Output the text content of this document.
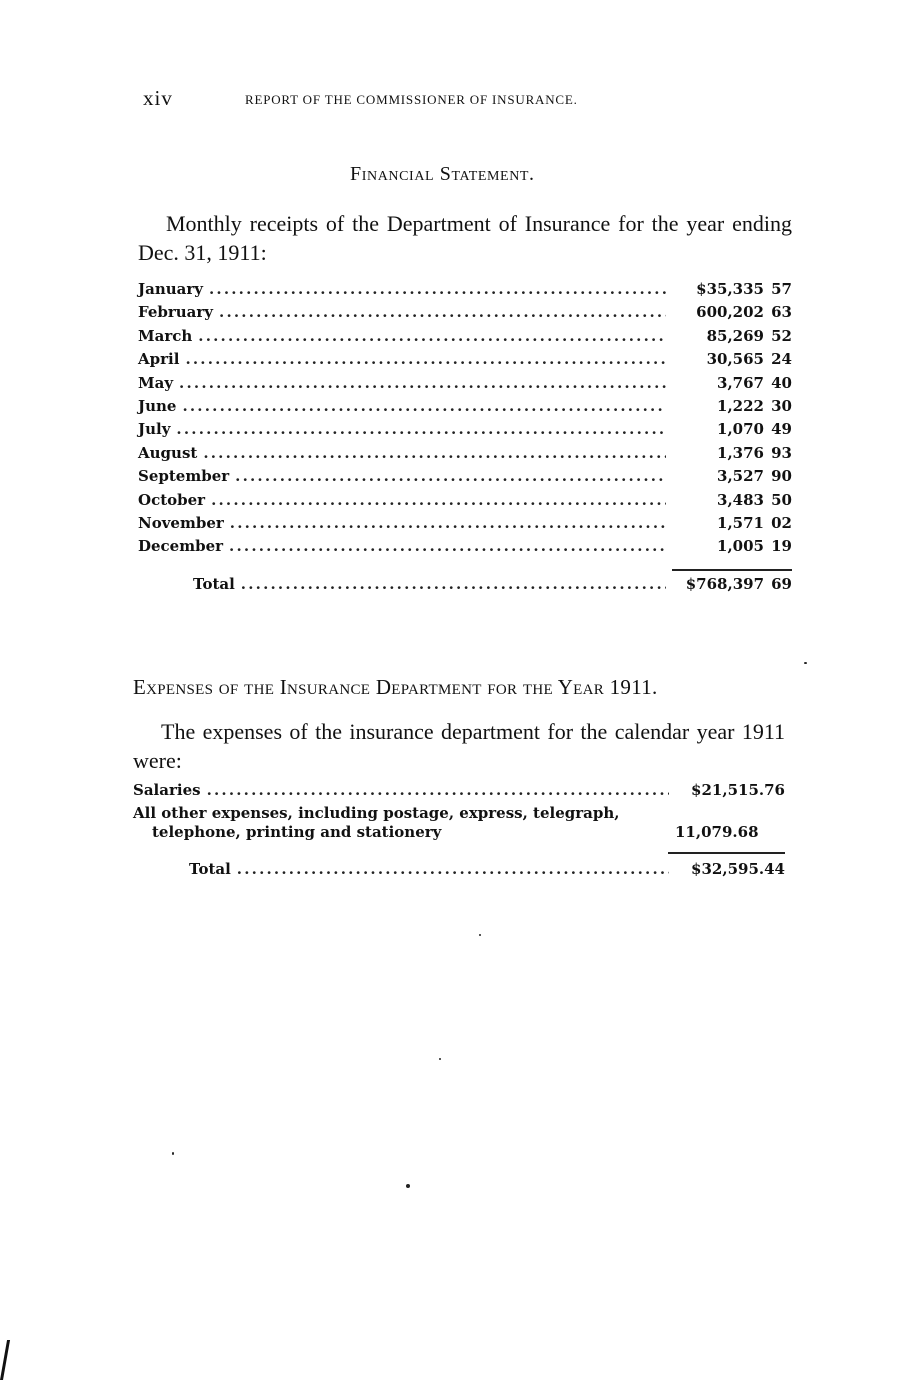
xiv	REPORT OF THE COMMISSIONER OF INSURANCE.
Financial Statement.
Monthly receipts of the Department of Insurance for the year ending Dec. 31, 1911:
January .....	$35,335 57
February .....	600,202 63
March .....	85,269 52
April .....	30,565 24
May .....	3,767 40
June .....	1,222 30
July .....	1,070 49
August .....	1,376 93
September .....	3,527 90
October .....	3,483 50
November .....	1,571 02
December .....	1,005 19
Total .....	$768,397 69
Expenses of the Insurance Department for the Year 1911.
The expenses of the insurance department for the calendar year 1911 were:
Salaries .....	$21,515.76
All other expenses, including postage, express, telegraph,
telephone, printing and stationery	11,079.68
Total .....	$32,595.44
